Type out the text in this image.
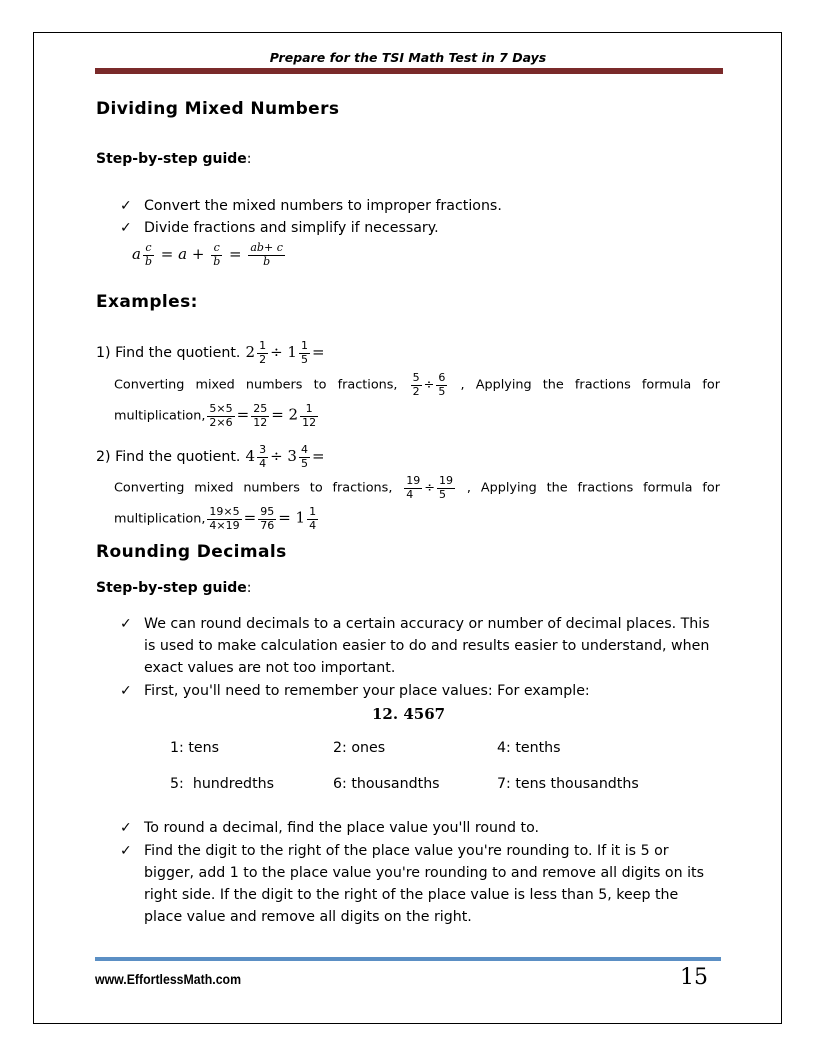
Prepare for the TSI Math Test in 7 Days
Dividing Mixed Numbers
Step-by-step guide:
✓ Convert the mixed numbers to improper fractions.
✓ Divide fractions and simplify if necessary.
a $\frac{c}{b} = a + \frac{c}{b} = \frac{ab+ c}{b}$
Examples:
1) Find the quotient. $2 \frac{1}{2} \div 1 \frac{1}{5}$ =
Converting mixed numbers to fractions, $\frac{5}{2} \div \frac{6}{5}$ , Applying the fractions formula for
multiplication, $\frac{5\times 5}{2\times 6} = \frac{25}{12} = 2 \frac{1}{12}$
2) Find the quotient. $4 \frac{3}{4} \div 3 \frac{4}{5}$ =
Converting mixed numbers to fractions, $\frac{19}{4} \div \frac{19}{5}$ , Applying the fractions formula for
multiplication, $\frac{19\times 5}{4\times 19} = \frac{95}{76} = 1 \frac{1}{4}$
Rounding Decimals
Step-by-step guide:
✓ We can round decimals to a certain accuracy or number of decimal places. This
is used to make calculation easier to do and results easier to understand, when
exact values are not too important.
✓ First, you'll need to remember your place values: For example:
12. 4567
1: tens	2: ones	4: tenths
5:  hundredths	6: thousandths	7: tens thousandths
✓ To round a decimal, find the place value you'll round to.
✓ Find the digit to the right of the place value you're rounding to. If it is 5 or
bigger, add 1 to the place value you're rounding to and remove all digits on its
right side. If the digit to the right of the place value is less than 5, keep the
place value and remove all digits on the right.
www.EffortlessMath.com	15
